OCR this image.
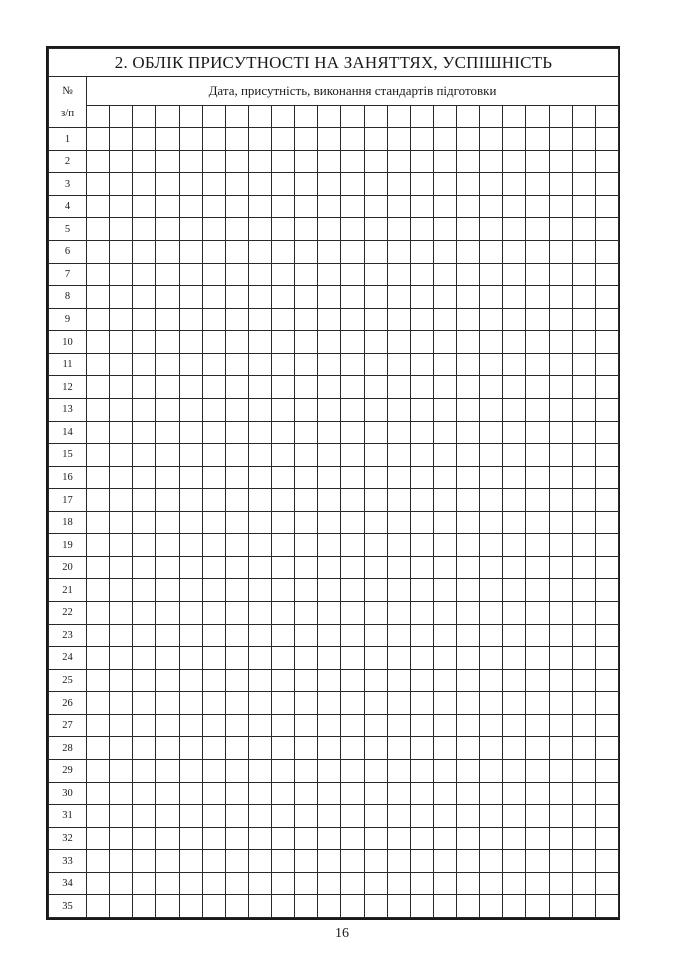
2. ОБЛІК ПРИСУТНОСТІ НА ЗАНЯТТЯХ, УСПІШНІСТЬ																							
№
з/п	Дата, присутність, виконання стандартів підготовки																						

1																							
2																							
3																							
4																							
5																							
6																							
7																							
8																							
9																							
10																							
11																							
12																							
13																							
14																							
15																							
16																							
17																							
18																							
19																							
20																							
21																							
22																							
23																							
24																							
25																							
26																							
27																							
28																							
29																							
30																							
31																							
32																							
33																							
34																							
35																							
16
